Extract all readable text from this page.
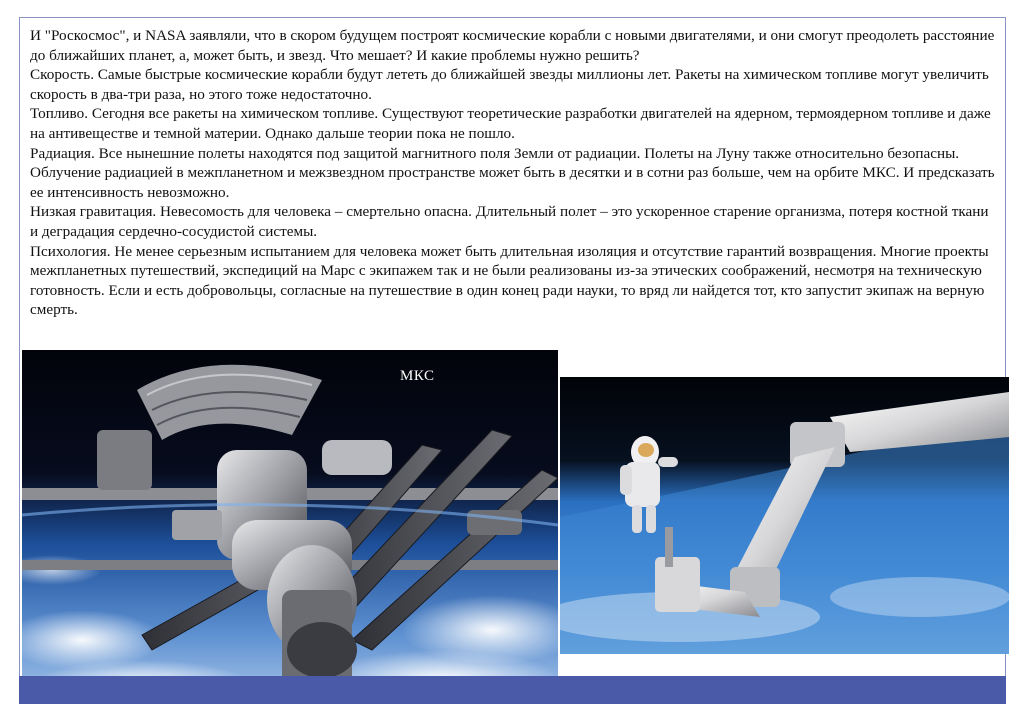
И "Роскосмос", и NASA заявляли, что в скором будущем построят космические корабли с новыми двигателями, и они смогут преодолеть расстояние до ближайших планет, а, может быть, и звезд. Что мешает? И какие проблемы нужно решить?

Скорость. Самые быстрые космические корабли будут лететь до ближайшей звезды миллионы лет. Ракеты на химическом топливе могут увеличить скорость в два-три раза, но этого тоже недостаточно.

Топливо. Сегодня все ракеты на химическом топливе. Существуют теоретические разработки двигателей на ядерном, термоядерном топливе и даже на антивеществе и темной материи. Однако дальше теории пока не пошло.

Радиация. Все нынешние полеты находятся под защитой магнитного поля Земли от радиации. Полеты на Луну также относительно безопасны. Облучение радиацией в межпланетном и межзвездном пространстве может быть в десятки и в сотни раз больше, чем на орбите МКС. И предсказать ее интенсивность невозможно.

Низкая гравитация. Невесомость для человека – смертельно опасна. Длительный полет – это ускоренное старение организма, потеря костной ткани и деградация сердечно-сосудистой системы.

Психология. Не менее серьезным испытанием для человека может быть длительная изоляция и отсутствие гарантий возвращения. Многие проекты межпланетных путешествий, экспедиций на Марс с экипажем так и не были реализованы из-за этических соображений, несмотря на техническую готовность. Если и есть добровольцы, согласные на путешествие в один конец ради науки, то вряд ли найдется тот, кто запустит экипаж на верную смерть.

МКС
